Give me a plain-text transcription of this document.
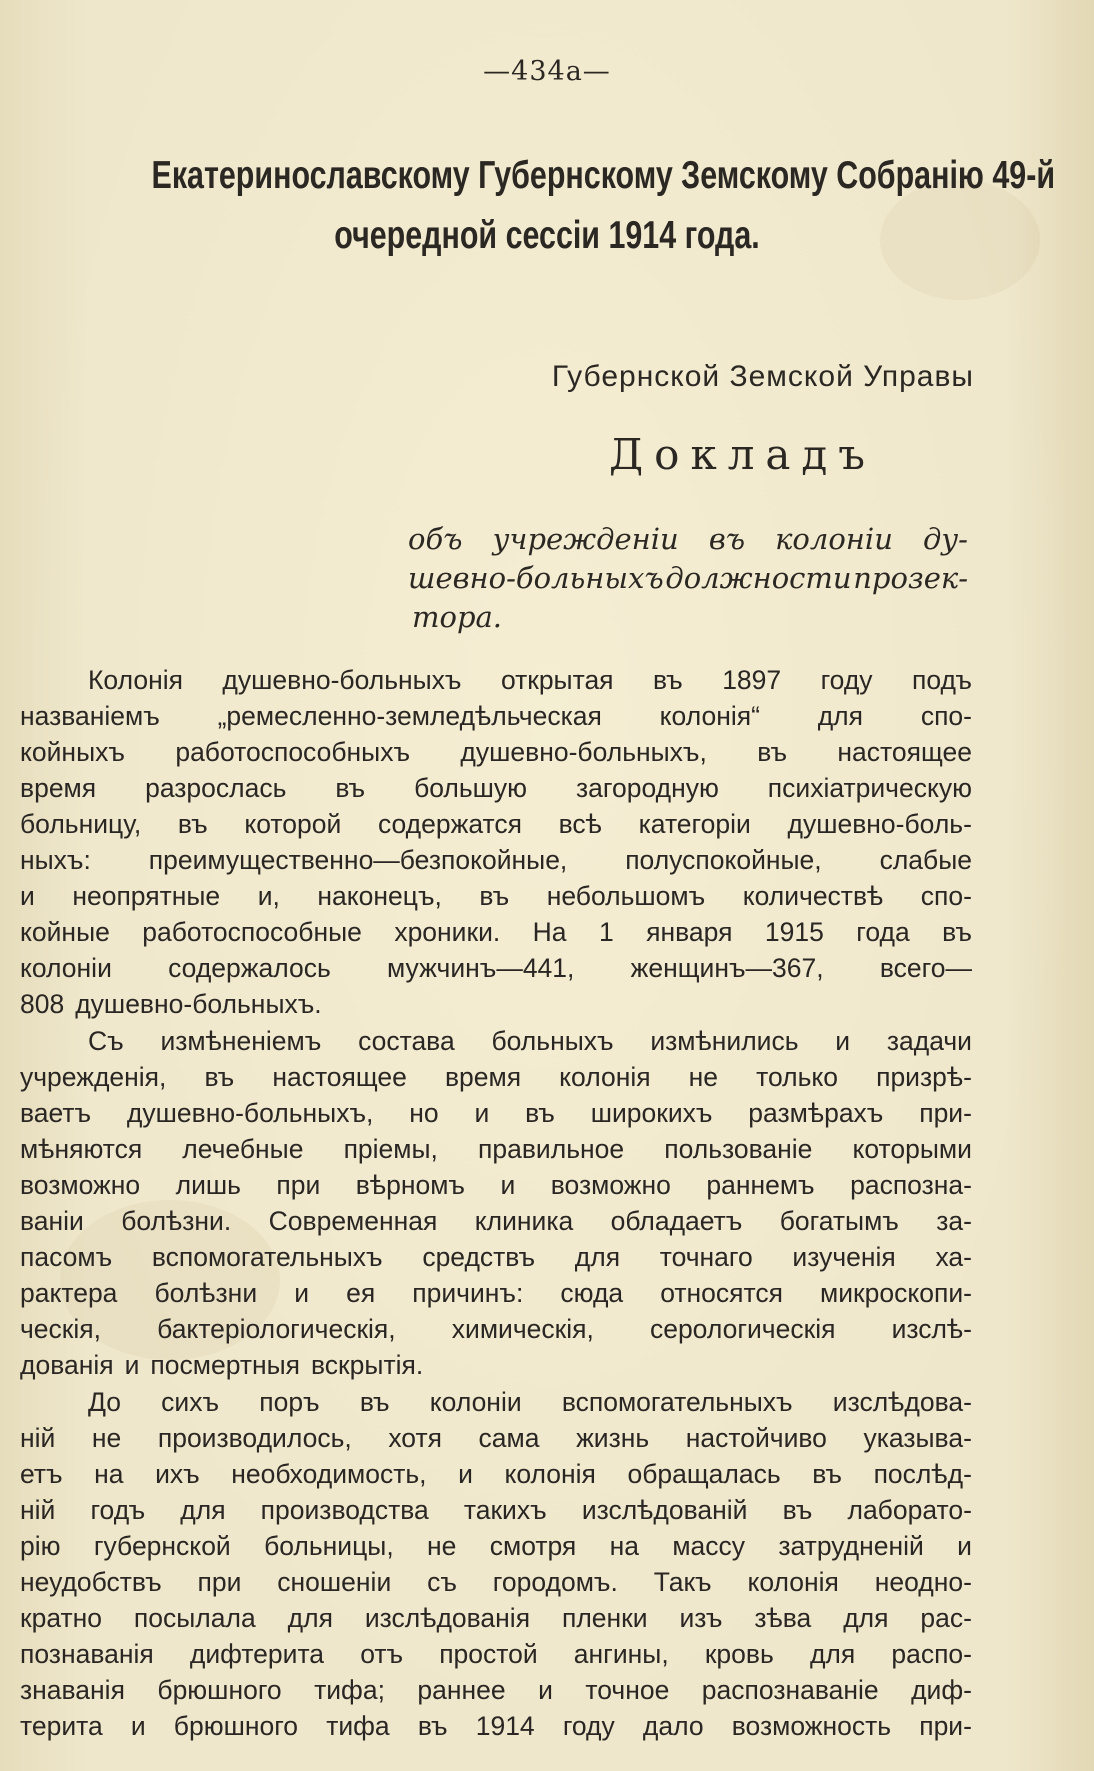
—434а—
Екатеринославскому Губернскому Земскому Собранію 49-й
очередной сессіи 1914 года.
Губернской Земской Управы
Докладъ
объ учрежденіи въ колоніи ду-
шевно-больныхъ должности прозек-
тора.
Колонія душевно-больныхъ открытая въ 1897 году подъ
названіемъ „ремесленно-земледѣльческая колонія“ для спо-
койныхъ работоспособныхъ душевно-больныхъ, въ настоящее
время разрослась въ большую загородную психіатрическую
больницу, въ которой содержатся всѣ категоріи душевно-боль-
ныхъ: преимущественно—безпокойные, полуспокойные, слабые
и неопрятные и, наконецъ, въ небольшомъ количествѣ спо-
койные работоспособные хроники. На 1 января 1915 года въ
колоніи содержалось мужчинъ—441, женщинъ—367, всего—
808 душевно-больныхъ.
Съ измѣненіемъ состава больныхъ измѣнились и задачи
учрежденія, въ настоящее время колонія не только призрѣ-
ваетъ душевно-больныхъ, но и въ широкихъ размѣрахъ при-
мѣняются лечебные пріемы, правильное пользованіе которыми
возможно лишь при вѣрномъ и возможно раннемъ распозна-
ваніи болѣзни. Современная клиника обладаетъ богатымъ за-
пасомъ вспомогательныхъ средствъ для точнаго изученія ха-
рактера болѣзни и ея причинъ: сюда относятся микроскопи-
ческія, бактеріологическія, химическія, серологическія изслѣ-
дованія и посмертныя вскрытія.
До сихъ поръ въ колоніи вспомогательныхъ изслѣдова-
ній не производилось, хотя сама жизнь настойчиво указыва-
етъ на ихъ необходимость, и колонія обращалась въ послѣд-
ній годъ для производства такихъ изслѣдованій въ лаборато-
рію губернской больницы, не смотря на массу затрудненій и
неудобствъ при сношеніи съ городомъ. Такъ колонія неодно-
кратно посылала для изслѣдованія пленки изъ зѣва для рас-
познаванія дифтерита отъ простой ангины, кровь для распо-
знаванія брюшного тифа; раннее и точное распознаваніе диф-
терита и брюшного тифа въ 1914 году дало возможность при-
